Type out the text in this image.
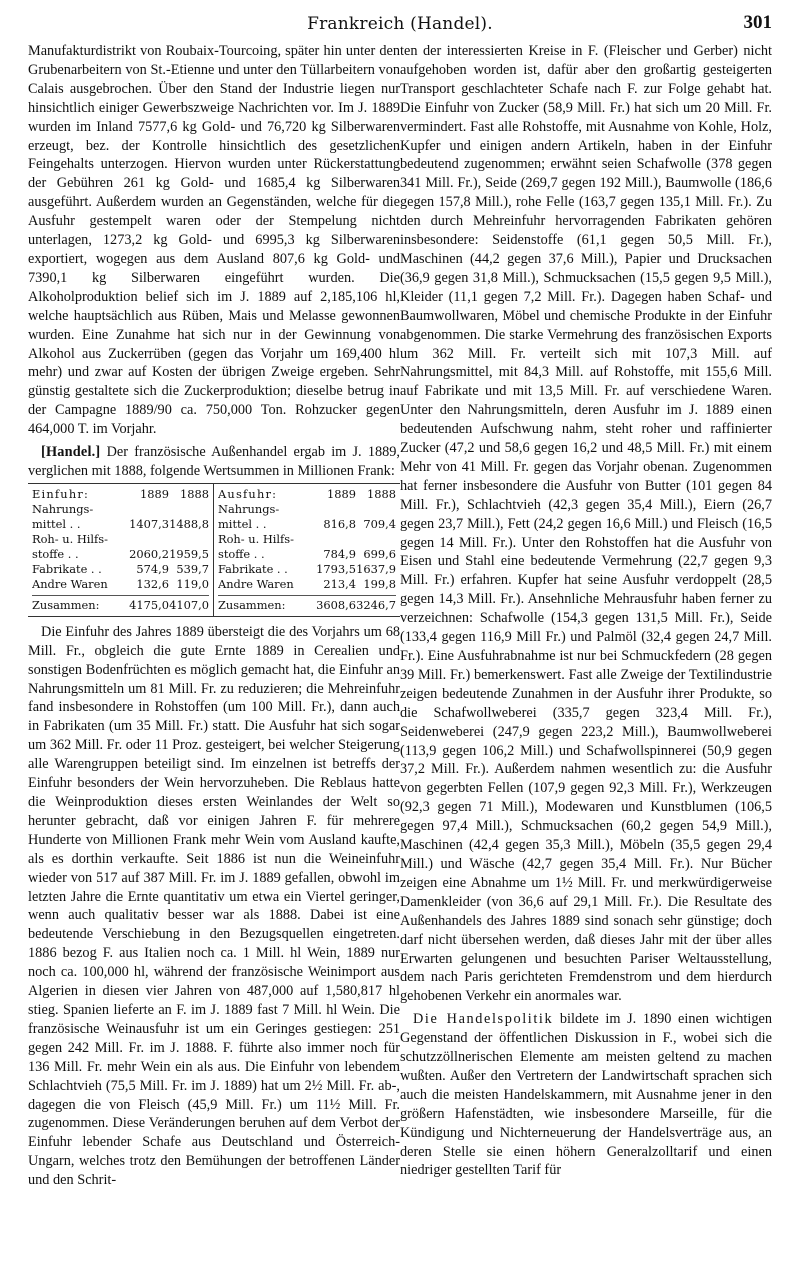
Frankreich (Handel).	301

Manufakturdistrikt von Roubaix-Tourcoing, später hin unter den Grubenarbeitern von St.-Etienne und unter den Tüllarbeitern von Calais ausgebrochen. Über den Stand der Industrie liegen nur hinsichtlich einiger Gewerbszweige Nachrichten vor. Im J. 1889 wurden im Inland 7577,6 kg Gold- und 76,720 kg Silberwaren erzeugt, bez. der Kontrolle hinsichtlich des gesetzlichen Feingehalts unterzogen. Hiervon wurden unter Rückerstattung der Gebühren 261 kg Gold- und 1685,4 kg Silberwaren ausgeführt. Außerdem wurden an Gegenständen, welche für die Ausfuhr gestempelt waren oder der Stempelung nicht unterlagen, 1273,2 kg Gold- und 6995,3 kg Silberwaren exportiert, wogegen aus dem Ausland 807,6 kg Gold- und 7390,1 kg Silberwaren eingeführt wurden. Die Alkoholproduktion belief sich im J. 1889 auf 2,185,106 hl, welche hauptsächlich aus Rüben, Mais und Melasse gewonnen wurden. Eine Zunahme hat sich nur in der Gewinnung von Alkohol aus Zuckerrüben (gegen das Vorjahr um 169,400 hl mehr) und zwar auf Kosten der übrigen Zweige ergeben. Sehr günstig gestaltete sich die Zuckerproduktion; dieselbe betrug in der Campagne 1889/90 ca. 750,000 Ton. Rohzucker gegen 464,000 T. im Vorjahr.

[Handel.] Der französische Außenhandel ergab im J. 1889, verglichen mit 1888, folgende Wertsummen in Millionen Frank:

Einfuhr:	1889 1888
Nahrungs-
mittel . .	1407,3 1488,8
Roh- u. Hilfs-
stoffe . .	2060,2 1959,5
Fabrikate . .	574,9 539,7
Andre Waren	132,6 119,0
Zusammen:	4175,0 4107,0
Ausfuhr:	1889 1888
Nahrungs-
mittel . .	816,8 709,4
Roh- u. Hilfs-
stoffe . .	784,9 699,6
Fabrikate . .	1793,5 1637,9
Andre Waren	213,4 199,8
Zusammen:	3608,6 3246,7

Die Einfuhr des Jahres 1889 übersteigt die des Vorjahrs um 68 Mill. Fr., obgleich die gute Ernte 1889 in Cerealien und sonstigen Bodenfrüchten es möglich gemacht hat, die Einfuhr an Nahrungsmitteln um 81 Mill. Fr. zu reduzieren; die Mehreinfuhr fand insbesondere in Rohstoffen (um 100 Mill. Fr.), dann auch in Fabrikaten (um 35 Mill. Fr.) statt. Die Ausfuhr hat sich sogar um 362 Mill. Fr. oder 11 Proz. gesteigert, bei welcher Steigerung alle Warengruppen beteiligt sind. Im einzelnen ist betreffs der Einfuhr besonders der Wein hervorzuheben. Die Reblaus hatte die Weinproduktion dieses ersten Weinlandes der Welt so herunter gebracht, daß vor einigen Jahren F. für mehrere Hunderte von Millionen Frank mehr Wein vom Ausland kaufte, als es dorthin verkaufte. Seit 1886 ist nun die Weineinfuhr wieder von 517 auf 387 Mill. Fr. im J. 1889 gefallen, obwohl im letzten Jahre die Ernte quantitativ um etwa ein Viertel geringer, wenn auch qualitativ besser war als 1888. Dabei ist eine bedeutende Verschiebung in den Bezugsquellen eingetreten. 1886 bezog F. aus Italien noch ca. 1 Mill. hl Wein, 1889 nur noch ca. 100,000 hl, während der französische Weinimport aus Algerien in diesen vier Jahren von 487,000 auf 1,580,817 hl stieg. Spanien lieferte an F. im J. 1889 fast 7 Mill. hl Wein. Die französische Weinausfuhr ist um ein Geringes gestiegen: 251 gegen 242 Mill. Fr. im J. 1888. F. führte also immer noch für 136 Mill. Fr. mehr Wein ein als aus. Die Einfuhr von lebendem Schlachtvieh (75,5 Mill. Fr. im J. 1889) hat um 2½ Mill. Fr. ab-, dagegen die von Fleisch (45,9 Mill. Fr.) um 11½ Mill. Fr. zugenommen. Diese Veränderungen beruhen auf dem Verbot der Einfuhr lebender Schafe aus Deutschland und Österreich-Ungarn, welches trotz den Bemühungen der betroffenen Länder und den Schrit-

ten der interessierten Kreise in F. (Fleischer und Gerber) nicht aufgehoben worden ist, dafür aber den großartig gesteigerten Transport geschlachteter Schafe nach F. zur Folge gehabt hat. Die Einfuhr von Zucker (58,9 Mill. Fr.) hat sich um 20 Mill. Fr. vermindert. Fast alle Rohstoffe, mit Ausnahme von Kohle, Holz, Kupfer und einigen andern Artikeln, haben in der Einfuhr bedeutend zugenommen; erwähnt seien Schafwolle (378 gegen 341 Mill. Fr.), Seide (269,7 gegen 192 Mill.), Baumwolle (186,6 gegen 157,8 Mill.), rohe Felle (163,7 gegen 135,1 Mill. Fr.). Zu den durch Mehreinfuhr hervorragenden Fabrikaten gehören insbesondere: Seidenstoffe (61,1 gegen 50,5 Mill. Fr.), Maschinen (44,2 gegen 37,6 Mill.), Papier und Drucksachen (36,9 gegen 31,8 Mill.), Schmucksachen (15,5 gegen 9,5 Mill.), Kleider (11,1 gegen 7,2 Mill. Fr.). Dagegen haben Schaf- und Baumwollwaren, Möbel und chemische Produkte in der Einfuhr abgenommen. Die starke Vermehrung des französischen Exports um 362 Mill. Fr. verteilt sich mit 107,3 Mill. auf Nahrungsmittel, mit 84,3 Mill. auf Rohstoffe, mit 155,6 Mill. auf Fabrikate und mit 13,5 Mill. Fr. auf verschiedene Waren. Unter den Nahrungsmitteln, deren Ausfuhr im J. 1889 einen bedeutenden Aufschwung nahm, steht roher und raffinierter Zucker (47,2 und 58,6 gegen 16,2 und 48,5 Mill. Fr.) mit einem Mehr von 41 Mill. Fr. gegen das Vorjahr obenan. Zugenommen hat ferner insbesondere die Ausfuhr von Butter (101 gegen 84 Mill. Fr.), Schlachtvieh (42,3 gegen 35,4 Mill.), Eiern (26,7 gegen 23,7 Mill.), Fett (24,2 gegen 16,6 Mill.) und Fleisch (16,5 gegen 14 Mill. Fr.). Unter den Rohstoffen hat die Ausfuhr von Eisen und Stahl eine bedeutende Vermehrung (22,7 gegen 9,3 Mill. Fr.) erfahren. Kupfer hat seine Ausfuhr verdoppelt (28,5 gegen 14,3 Mill. Fr.). Ansehnliche Mehrausfuhr haben ferner zu verzeichnen: Schafwolle (154,3 gegen 131,5 Mill. Fr.), Seide (133,4 gegen 116,9 Mill Fr.) und Palmöl (32,4 gegen 24,7 Mill. Fr.). Eine Ausfuhrabnahme ist nur bei Schmuckfedern (28 gegen 39 Mill. Fr.) bemerkenswert. Fast alle Zweige der Textilindustrie zeigen bedeutende Zunahmen in der Ausfuhr ihrer Produkte, so die Schafwollweberei (335,7 gegen 323,4 Mill. Fr.), Seidenweberei (247,9 gegen 223,2 Mill.), Baumwollweberei (113,9 gegen 106,2 Mill.) und Schafwollspinnerei (50,9 gegen 37,2 Mill. Fr.). Außerdem nahmen wesentlich zu: die Ausfuhr von gegerbten Fellen (107,9 gegen 92,3 Mill. Fr.), Werkzeugen (92,3 gegen 71 Mill.), Modewaren und Kunstblumen (106,5 gegen 97,4 Mill.), Schmucksachen (60,2 gegen 54,9 Mill.), Maschinen (42,4 gegen 35,3 Mill.), Möbeln (35,5 gegen 29,4 Mill.) und Wäsche (42,7 gegen 35,4 Mill. Fr.). Nur Bücher zeigen eine Abnahme um 1½ Mill. Fr. und merkwürdigerweise Damenkleider (von 36,6 auf 29,1 Mill. Fr.). Die Resultate des Außenhandels des Jahres 1889 sind sonach sehr günstige; doch darf nicht übersehen werden, daß dieses Jahr mit der über alles Erwarten gelungenen und besuchten Pariser Weltausstellung, dem nach Paris gerichteten Fremdenstrom und dem hierdurch gehobenen Verkehr ein anormales war.

Die Handelspolitik bildete im J. 1890 einen wichtigen Gegenstand der öffentlichen Diskussion in F., wobei sich die schutzzöllnerischen Elemente am meisten geltend zu machen wußten. Außer den Vertretern der Landwirtschaft sprachen sich auch die meisten Handelskammern, mit Ausnahme jener in den größern Hafenstädten, wie insbesondere Marseille, für die Kündigung und Nichterneuerung der Handelsverträge aus, an deren Stelle sie einen höhern Generalzolltarif und einen niedriger gestellten Tarif für
